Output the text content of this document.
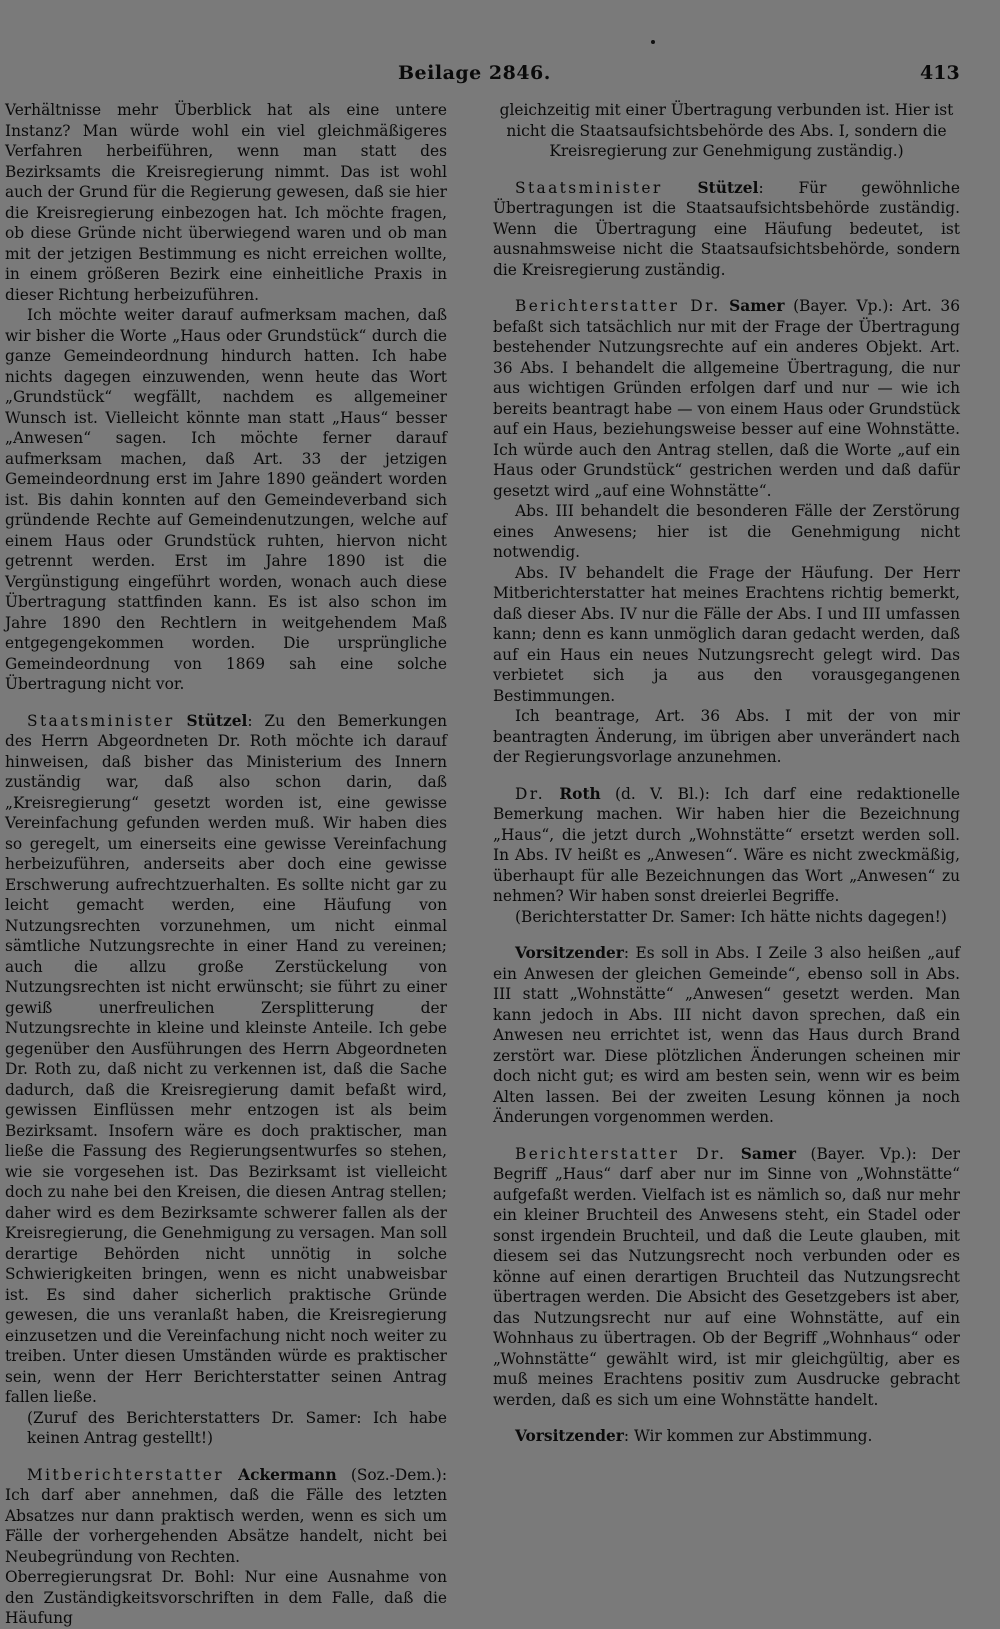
Beilage 2846.	413

Verhältnisse mehr Überblick hat als eine untere Instanz? Man würde wohl ein viel gleichmäßigeres Verfahren herbeiführen, wenn man statt des Bezirksamts die Kreisregierung nimmt. Das ist wohl auch der Grund für die Regierung gewesen, daß sie hier die Kreisregierung einbezogen hat. Ich möchte fragen, ob diese Gründe nicht überwiegend waren und ob man mit der jetzigen Bestimmung es nicht erreichen wollte, in einem größeren Bezirk eine einheitliche Praxis in dieser Richtung herbeizuführen.

Ich möchte weiter darauf aufmerksam machen, daß wir bisher die Worte „Haus oder Grundstück“ durch die ganze Gemeindeordnung hindurch hatten. Ich habe nichts dagegen einzuwenden, wenn heute das Wort „Grundstück“ wegfällt, nachdem es allgemeiner Wunsch ist. Vielleicht könnte man statt „Haus“ besser „Anwesen“ sagen. Ich möchte ferner darauf aufmerksam machen, daß Art. 33 der jetzigen Gemeindeordnung erst im Jahre 1890 geändert worden ist. Bis dahin konnten auf den Gemeindeverband sich gründende Rechte auf Gemeindenutzungen, welche auf einem Haus oder Grundstück ruhten, hiervon nicht getrennt werden. Erst im Jahre 1890 ist die Vergünstigung eingeführt worden, wonach auch diese Übertragung stattfinden kann. Es ist also schon im Jahre 1890 den Rechtlern in weitgehendem Maß entgegengekommen worden. Die ursprüngliche Gemeindeordnung von 1869 sah eine solche Übertragung nicht vor.

Staatsminister Stützel: Zu den Bemerkungen des Herrn Abgeordneten Dr. Roth möchte ich darauf hinweisen, daß bisher das Ministerium des Innern zuständig war, daß also schon darin, daß „Kreisregierung“ gesetzt worden ist, eine gewisse Vereinfachung gefunden werden muß. Wir haben dies so geregelt, um einerseits eine gewisse Vereinfachung herbeizuführen, anderseits aber doch eine gewisse Erschwerung aufrechtzuerhalten. Es sollte nicht gar zu leicht gemacht werden, eine Häufung von Nutzungsrechten vorzunehmen, um nicht einmal sämtliche Nutzungsrechte in einer Hand zu vereinen; auch die allzu große Zerstückelung von Nutzungsrechten ist nicht erwünscht; sie führt zu einer gewiß unerfreulichen Zersplitterung der Nutzungsrechte in kleine und kleinste Anteile. Ich gebe gegenüber den Ausführungen des Herrn Abgeordneten Dr. Roth zu, daß nicht zu verkennen ist, daß die Sache dadurch, daß die Kreisregierung damit befaßt wird, gewissen Einflüssen mehr entzogen ist als beim Bezirksamt. Insofern wäre es doch praktischer, man ließe die Fassung des Regierungsentwurfes so stehen, wie sie vorgesehen ist. Das Bezirksamt ist vielleicht doch zu nahe bei den Kreisen, die diesen Antrag stellen; daher wird es dem Bezirksamte schwerer fallen als der Kreisregierung, die Genehmigung zu versagen. Man soll derartige Behörden nicht unnötig in solche Schwierigkeiten bringen, wenn es nicht unabweisbar ist. Es sind daher sicherlich praktische Gründe gewesen, die uns veranlaßt haben, die Kreisregierung einzusetzen und die Vereinfachung nicht noch weiter zu treiben. Unter diesen Umständen würde es praktischer sein, wenn der Herr Berichterstatter seinen Antrag fallen ließe.

(Zuruf des Berichterstatters Dr. Samer: Ich habe keinen Antrag gestellt!)

Mitberichterstatter Ackermann (Soz.-Dem.): Ich darf aber annehmen, daß die Fälle des letzten Absatzes nur dann praktisch werden, wenn es sich um Fälle der vorhergehenden Absätze handelt, nicht bei Neubegründung von Rechten.

Oberregierungsrat Dr. Bohl: Nur eine Ausnahme von den Zuständigkeitsvorschriften in dem Falle, daß die Häufung

gleichzeitig mit einer Übertragung verbunden ist. Hier ist nicht die Staatsaufsichtsbehörde des Abs. I, sondern die Kreisregierung zur Genehmigung zuständig.)

Staatsminister Stützel: Für gewöhnliche Übertragungen ist die Staatsaufsichtsbehörde zuständig. Wenn die Übertragung eine Häufung bedeutet, ist ausnahmsweise nicht die Staatsaufsichtsbehörde, sondern die Kreisregierung zuständig.

Berichterstatter Dr. Samer (Bayer. Vp.): Art. 36 befaßt sich tatsächlich nur mit der Frage der Übertragung bestehender Nutzungsrechte auf ein anderes Objekt. Art. 36 Abs. I behandelt die allgemeine Übertragung, die nur aus wichtigen Gründen erfolgen darf und nur — wie ich bereits beantragt habe — von einem Haus oder Grundstück auf ein Haus, beziehungsweise besser auf eine Wohnstätte. Ich würde auch den Antrag stellen, daß die Worte „auf ein Haus oder Grundstück“ gestrichen werden und daß dafür gesetzt wird „auf eine Wohnstätte“.

Abs. III behandelt die besonderen Fälle der Zerstörung eines Anwesens; hier ist die Genehmigung nicht notwendig.

Abs. IV behandelt die Frage der Häufung. Der Herr Mitberichterstatter hat meines Erachtens richtig bemerkt, daß dieser Abs. IV nur die Fälle der Abs. I und III umfassen kann; denn es kann unmöglich daran gedacht werden, daß auf ein Haus ein neues Nutzungsrecht gelegt wird. Das verbietet sich ja aus den vorausgegangenen Bestimmungen.

Ich beantrage, Art. 36 Abs. I mit der von mir beantragten Änderung, im übrigen aber unverändert nach der Regierungsvorlage anzunehmen.

Dr. Roth (d. V. Bl.): Ich darf eine redaktionelle Bemerkung machen. Wir haben hier die Bezeichnung „Haus“, die jetzt durch „Wohnstätte“ ersetzt werden soll. In Abs. IV heißt es „Anwesen“. Wäre es nicht zweckmäßig, überhaupt für alle Bezeichnungen das Wort „Anwesen“ zu nehmen? Wir haben sonst dreierlei Begriffe.

(Berichterstatter Dr. Samer: Ich hätte nichts dagegen!)

Vorsitzender: Es soll in Abs. I Zeile 3 also heißen „auf ein Anwesen der gleichen Gemeinde“, ebenso soll in Abs. III statt „Wohnstätte“ „Anwesen“ gesetzt werden. Man kann jedoch in Abs. III nicht davon sprechen, daß ein Anwesen neu errichtet ist, wenn das Haus durch Brand zerstört war. Diese plötzlichen Änderungen scheinen mir doch nicht gut; es wird am besten sein, wenn wir es beim Alten lassen. Bei der zweiten Lesung können ja noch Änderungen vorgenommen werden.

Berichterstatter Dr. Samer (Bayer. Vp.): Der Begriff „Haus“ darf aber nur im Sinne von „Wohnstätte“ aufgefaßt werden. Vielfach ist es nämlich so, daß nur mehr ein kleiner Bruchteil des Anwesens steht, ein Stadel oder sonst irgendein Bruchteil, und daß die Leute glauben, mit diesem sei das Nutzungsrecht noch verbunden oder es könne auf einen derartigen Bruchteil das Nutzungsrecht übertragen werden. Die Absicht des Gesetzgebers ist aber, das Nutzungsrecht nur auf eine Wohnstätte, auf ein Wohnhaus zu übertragen. Ob der Begriff „Wohnhaus“ oder „Wohnstätte“ gewählt wird, ist mir gleichgültig, aber es muß meines Erachtens positiv zum Ausdrucke gebracht werden, daß es sich um eine Wohnstätte handelt.

Vorsitzender: Wir kommen zur Abstimmung.
